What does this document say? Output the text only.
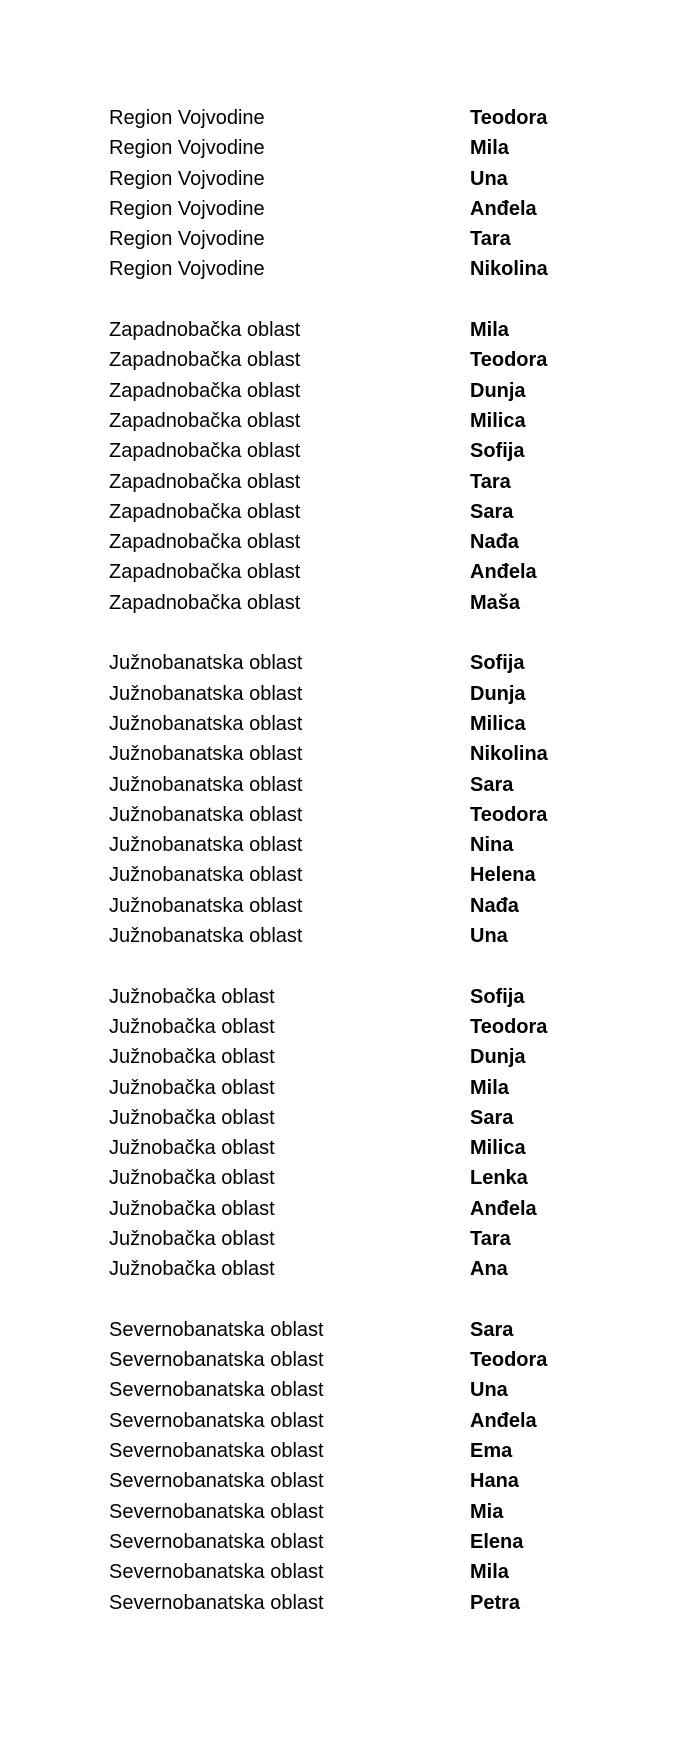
Region Vojvodine	Teodora
Region Vojvodine	Mila
Region Vojvodine	Una
Region Vojvodine	Anđela
Region Vojvodine	Tara
Region Vojvodine	Nikolina
Zapadnobačka oblast	Mila
Zapadnobačka oblast	Teodora
Zapadnobačka oblast	Dunja
Zapadnobačka oblast	Milica
Zapadnobačka oblast	Sofija
Zapadnobačka oblast	Tara
Zapadnobačka oblast	Sara
Zapadnobačka oblast	Nađa
Zapadnobačka oblast	Anđela
Zapadnobačka oblast	Maša
Južnobanatska oblast	Sofija
Južnobanatska oblast	Dunja
Južnobanatska oblast	Milica
Južnobanatska oblast	Nikolina
Južnobanatska oblast	Sara
Južnobanatska oblast	Teodora
Južnobanatska oblast	Nina
Južnobanatska oblast	Helena
Južnobanatska oblast	Nađa
Južnobanatska oblast	Una
Južnobačka oblast	Sofija
Južnobačka oblast	Teodora
Južnobačka oblast	Dunja
Južnobačka oblast	Mila
Južnobačka oblast	Sara
Južnobačka oblast	Milica
Južnobačka oblast	Lenka
Južnobačka oblast	Anđela
Južnobačka oblast	Tara
Južnobačka oblast	Ana
Severnobanatska oblast	Sara
Severnobanatska oblast	Teodora
Severnobanatska oblast	Una
Severnobanatska oblast	Anđela
Severnobanatska oblast	Ema
Severnobanatska oblast	Hana
Severnobanatska oblast	Mia
Severnobanatska oblast	Elena
Severnobanatska oblast	Mila
Severnobanatska oblast	Petra
